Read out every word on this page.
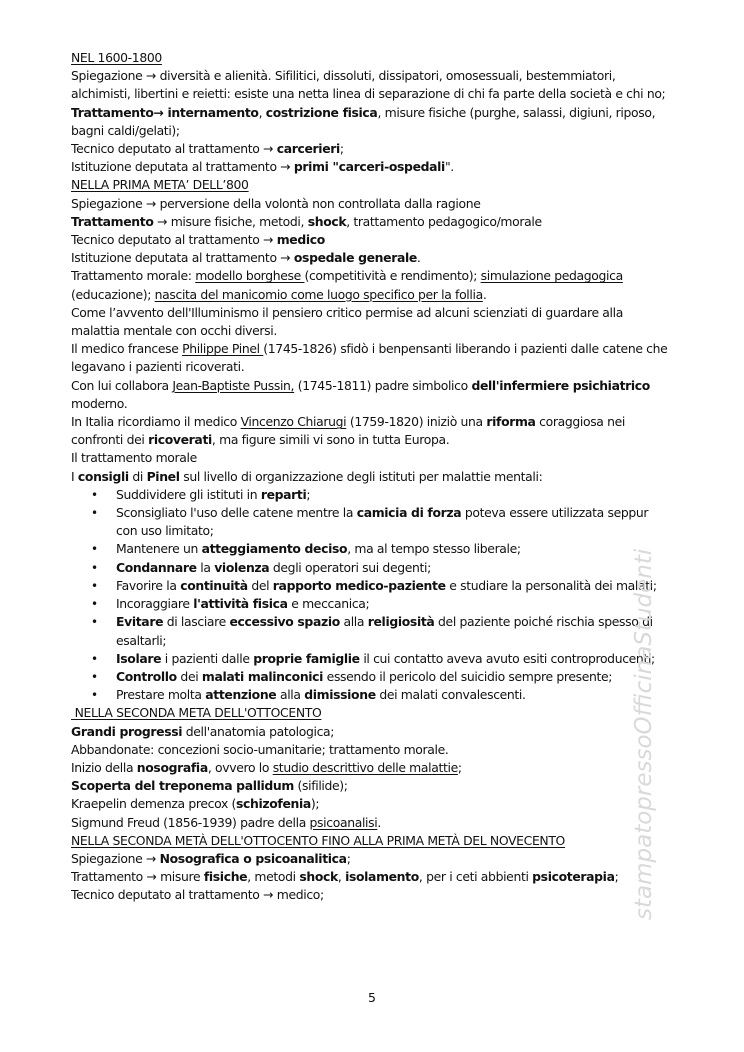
NEL 1600-1800
Spiegazione → diversità e alienità. Sifilitici, dissoluti, dissipatori, omosessuali, bestemmiatori, alchimisti, libertini e reietti: esiste una netta linea di separazione di chi fa parte della società e chi no;
Trattamento→ internamento, costrizione fisica, misure fisiche (purghe, salassi, digiuni, riposo, bagni caldi/gelati);
Tecnico deputato al trattamento → carcerieri;
Istituzione deputata al trattamento → primi "carceri-ospedali".
NELLA PRIMA META’ DELL’800
Spiegazione → perversione della volontà non controllata dalla ragione
Trattamento → misure fisiche, metodi, shock, trattamento pedagogico/morale
Tecnico deputato al trattamento → medico
Istituzione deputata al trattamento → ospedale generale.
Trattamento morale: modello borghese (competitività e rendimento); simulazione pedagogica (educazione); nascita del manicomio come luogo specifico per la follia.
Come l’avvento dell'Illuminismo il pensiero critico permise ad alcuni scienziati di guardare alla malattia mentale con occhi diversi.
Il medico francese Philippe Pinel (1745-1826) sfidò i benpensanti liberando i pazienti dalle catene che legavano i pazienti ricoverati.
Con lui collabora Jean-Baptiste Pussin, (1745-1811) padre simbolico dell'infermiere psichiatrico moderno.
In Italia ricordiamo il medico Vincenzo Chiarugi (1759-1820) iniziò una riforma coraggiosa nei confronti dei ricoverati, ma figure simili vi sono in tutta Europa.
Il trattamento morale
I consigli di Pinel sul livello di organizzazione degli istituti per malattie mentali:
• Suddividere gli istituti in reparti;
• Sconsigliato l'uso delle catene mentre la camicia di forza poteva essere utilizzata seppur con uso limitato;
• Mantenere un atteggiamento deciso, ma al tempo stesso liberale;
• Condannare la violenza degli operatori sui degenti;
• Favorire la continuità del rapporto medico-paziente e studiare la personalità dei malati;
• Incoraggiare l'attività fisica e meccanica;
• Evitare di lasciare eccessivo spazio alla religiosità del paziente poiché rischia spesso di esaltarli;
• Isolare i pazienti dalle proprie famiglie il cui contatto aveva avuto esiti controproducenti;
• Controllo dei malati malinconici essendo il pericolo del suicidio sempre presente;
• Prestare molta attenzione alla dimissione dei malati convalescenti.
NELLA SECONDA META DELL'OTTOCENTO
Grandi progressi dell'anatomia patologica;
Abbandonate: concezioni socio-umanitarie; trattamento morale.
Inizio della nosografia, ovvero lo studio descrittivo delle malattie;
Scoperta del treponema pallidum (sifilide);
Kraepelin demenza precox (schizofenia);
Sigmund Freud (1856-1939) padre della psicoanalisi.
NELLA SECONDA METÀ DELL'OTTOCENTO FINO ALLA PRIMA METÀ DEL NOVECENTO
Spiegazione → Nosografica o psicoanalitica;
Trattamento → misure fisiche, metodi shock, isolamento, per i ceti abbienti psicoterapia;
Tecnico deputato al trattamento → medico;	stampatopressoOfficinaStudenti
5
